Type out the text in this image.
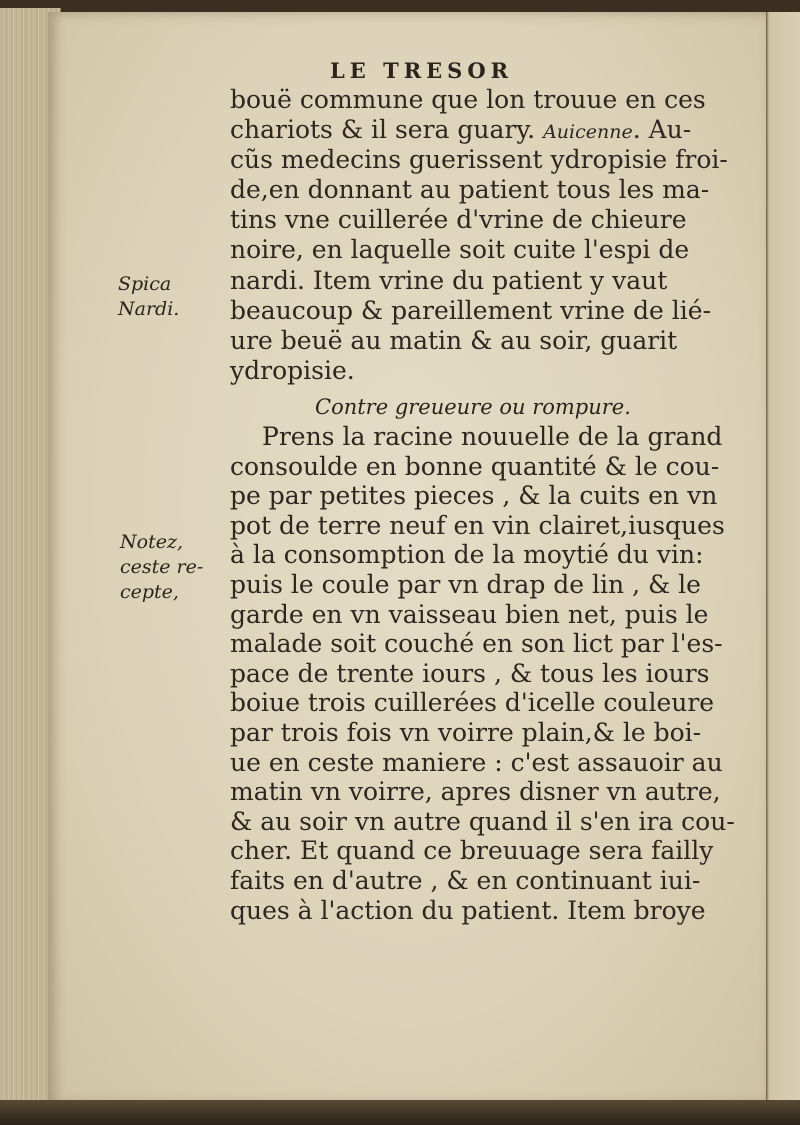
LE TRESOR
Spica
Nardi.
Notez,
ceste re-
cepte,
bouë commune que lon trouue en ces
chariots & il sera guary. Auicenne. Au-
cũs medecins guerissent ydropisie froi-
de,en donnant au patient tous les ma-
tins vne cuillerée d'vrine de chieure
noire, en laquelle soit cuite l'espi de
nardi. Item vrine du patient y vaut
beaucoup & pareillement vrine de lié-
ure beuë au matin & au soir, guarit
ydropisie.
Contre greueure ou rompure.
Prens la racine nouuelle de la grand
consoulde en bonne quantité & le cou-
pe par petites pieces , & la cuits en vn
pot de terre neuf en vin clairet,iusques
à la consomption de la moytié du vin:
puis le coule par vn drap de lin , & le
garde en vn vaisseau bien net, puis le
malade soit couché en son lict par l'es-
pace de trente iours , & tous les iours
boiue trois cuillerées d'icelle couleure
par trois fois vn voirre plain,& le boi-
ue en ceste maniere : c'est assauoir au
matin vn voirre, apres disner vn autre,
& au soir vn autre quand il s'en ira cou-
cher. Et quand ce breuuage sera failly
faits en d'autre , & en continuant iui-
ques à l'action du patient. Item broye
